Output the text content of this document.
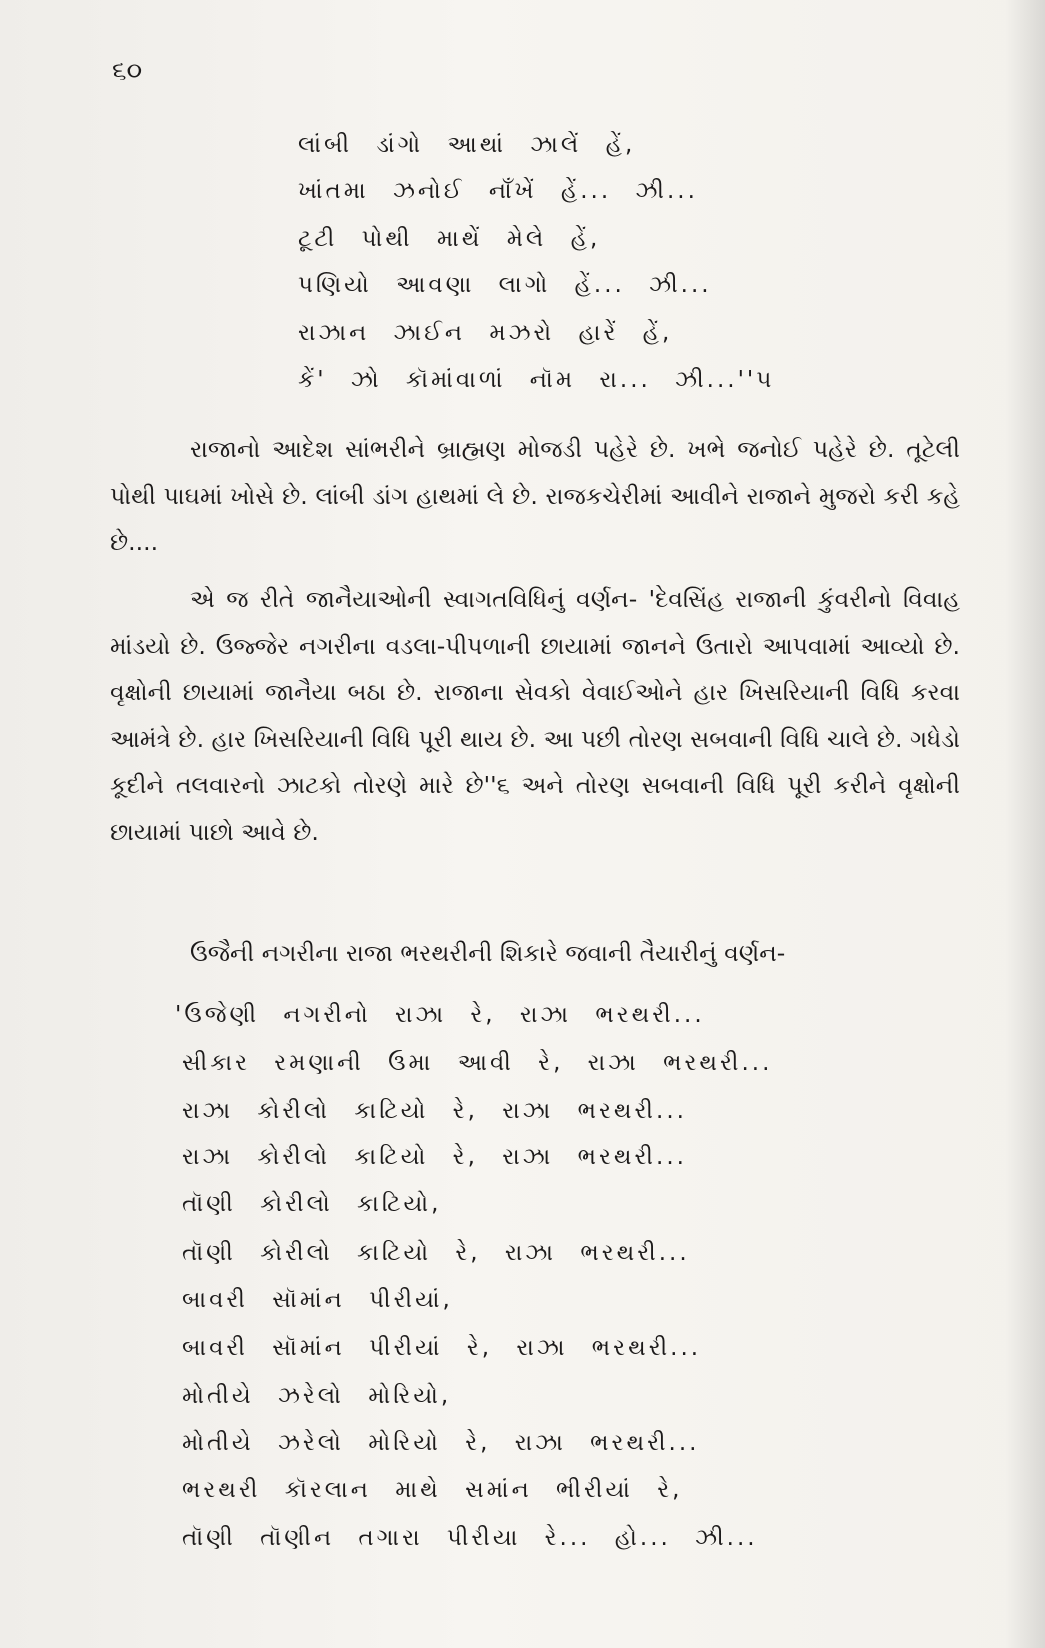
૬૦
લાંબી ડાંગો આથાં ઝાલેં હેં,
ખાંતમા ઝનોઈ નાઁખેં હેં... ઝી...
ટૂટી પોથી માથેં મેલે હેં,
પણિયો આવણા લાગો હેં... ઝી...
રાઝાન ઝાઈન મઝરો હારેં હેં,
કેં' ઝો કૉમાંવાળાં નૉમ રા... ઝી...''૫

રાજાનો આદેશ સાંભરીને બ્રાહ્મણ મોજડી પહેરે છે. ખભે જનોઈ પહેરે છે. તૂટેલી પોથી પાઘમાં ખોસે છે. લાંબી ડાંગ હાથમાં લે છે. રાજકચેરીમાં આવીને રાજાને મુજરો કરી કહે છે....

એ જ રીતે જાનૈયાઓની સ્વાગતવિધિનું વર્ણન- 'દેવસિંહ રાજાની કુંવરીનો વિવાહ માંડયો છે. ઉજ્જેર નગરીના વડલા-પીપળાની છાયામાં જાનને ઉતારો આપવામાં આવ્યો છે. વૃક્ષોની છાયામાં જાનૈયા બઠા છે. રાજાના સેવકો વેવાઈઓને હાર ખિસરિયાની વિધિ કરવા આમંત્રે છે. હાર ખિસરિયાની વિધિ પૂરી થાય છે. આ પછી તોરણ સબવાની વિધિ ચાલે છે. ગધેડો કૂદીને તલવારનો ઝાટકો તોરણે મારે છે''૬ અને તોરણ સબવાની વિધિ પૂરી કરીને વૃક્ષોની છાયામાં પાછો આવે છે.

ઉજૈની નગરીના રાજા ભરથરીની શિકારે જવાની તૈયારીનું વર્ણન-

'ઉજેણી નગરીનો રાઝા રે, રાઝા ભરથરી...
સીકાર રમણાની ઉમા આવી રે, રાઝા ભરથરી...
રાઝા કોરીલો કાટિયો રે, રાઝા ભરથરી...
રાઝા કોરીલો કાટિયો રે, રાઝા ભરથરી...
તૉણી કોરીલો કાટિયો,
તૉણી કોરીલો કાટિયો રે, રાઝા ભરથરી...
બાવરી સૉમાંન પીરીયાં,
બાવરી સૉમાંન પીરીયાં રે, રાઝા ભરથરી...
મોતીયે ઝરેલો મોરિયો,
મોતીયે ઝરેલો મોરિયો રે, રાઝા ભરથરી...
ભરથરી કૉરલાન માથે સમાંન ભીરીયાં રે,
તૉણી તૉણીન તગારા પીરીયા રે... હો... ઝી...
